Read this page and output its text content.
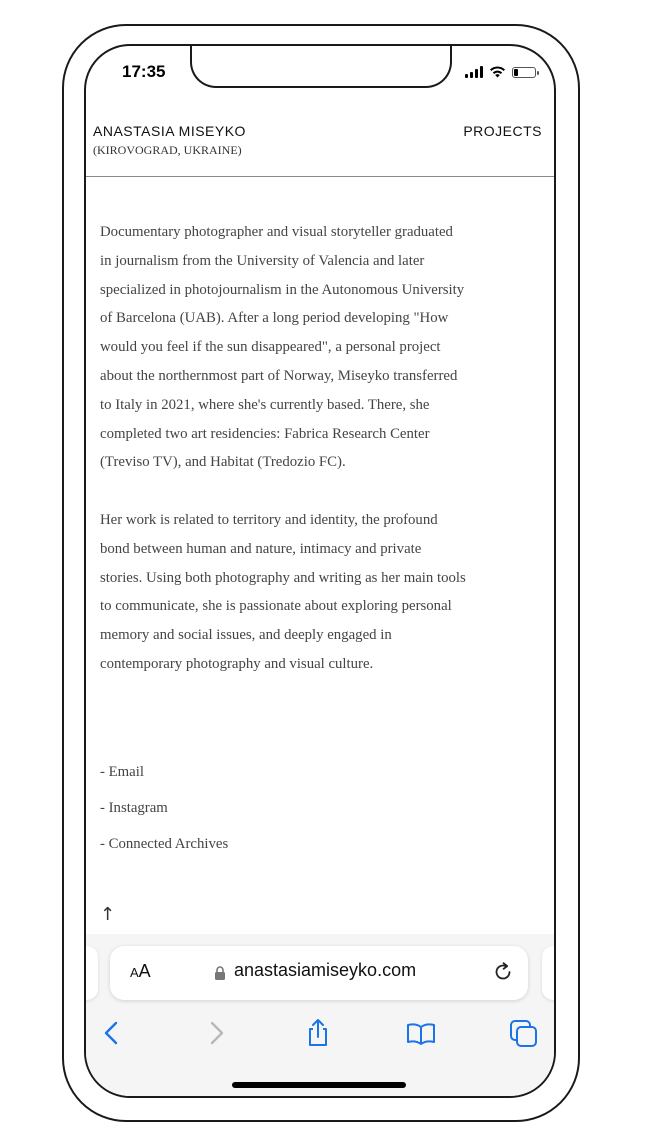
17:35
ANASTASIA MISEYKO
(KIROVOGRAD, UKRAINE)
PROJECTS

Documentary photographer and visual storyteller graduated
in journalism from the University of Valencia and later
specialized in photojournalism in the Autonomous University
of Barcelona (UAB). After a long period developing "How
would you feel if the sun disappeared", a personal project
about the northernmost part of Norway, Miseyko transferred
to Italy in 2021, where she's currently based. There, she
completed two art residencies: Fabrica Research Center
(Treviso TV), and Habitat (Tredozio FC).

Her work is related to territory and identity, the profound
bond between human and nature, intimacy and private
stories. Using both photography and writing as her main tools
to communicate, she is passionate about exploring personal
memory and social issues, and deeply engaged in
contemporary photography and visual culture.

- Email
- Instagram
- Connected Archives
↑
AA	anastasiamiseyko.com
